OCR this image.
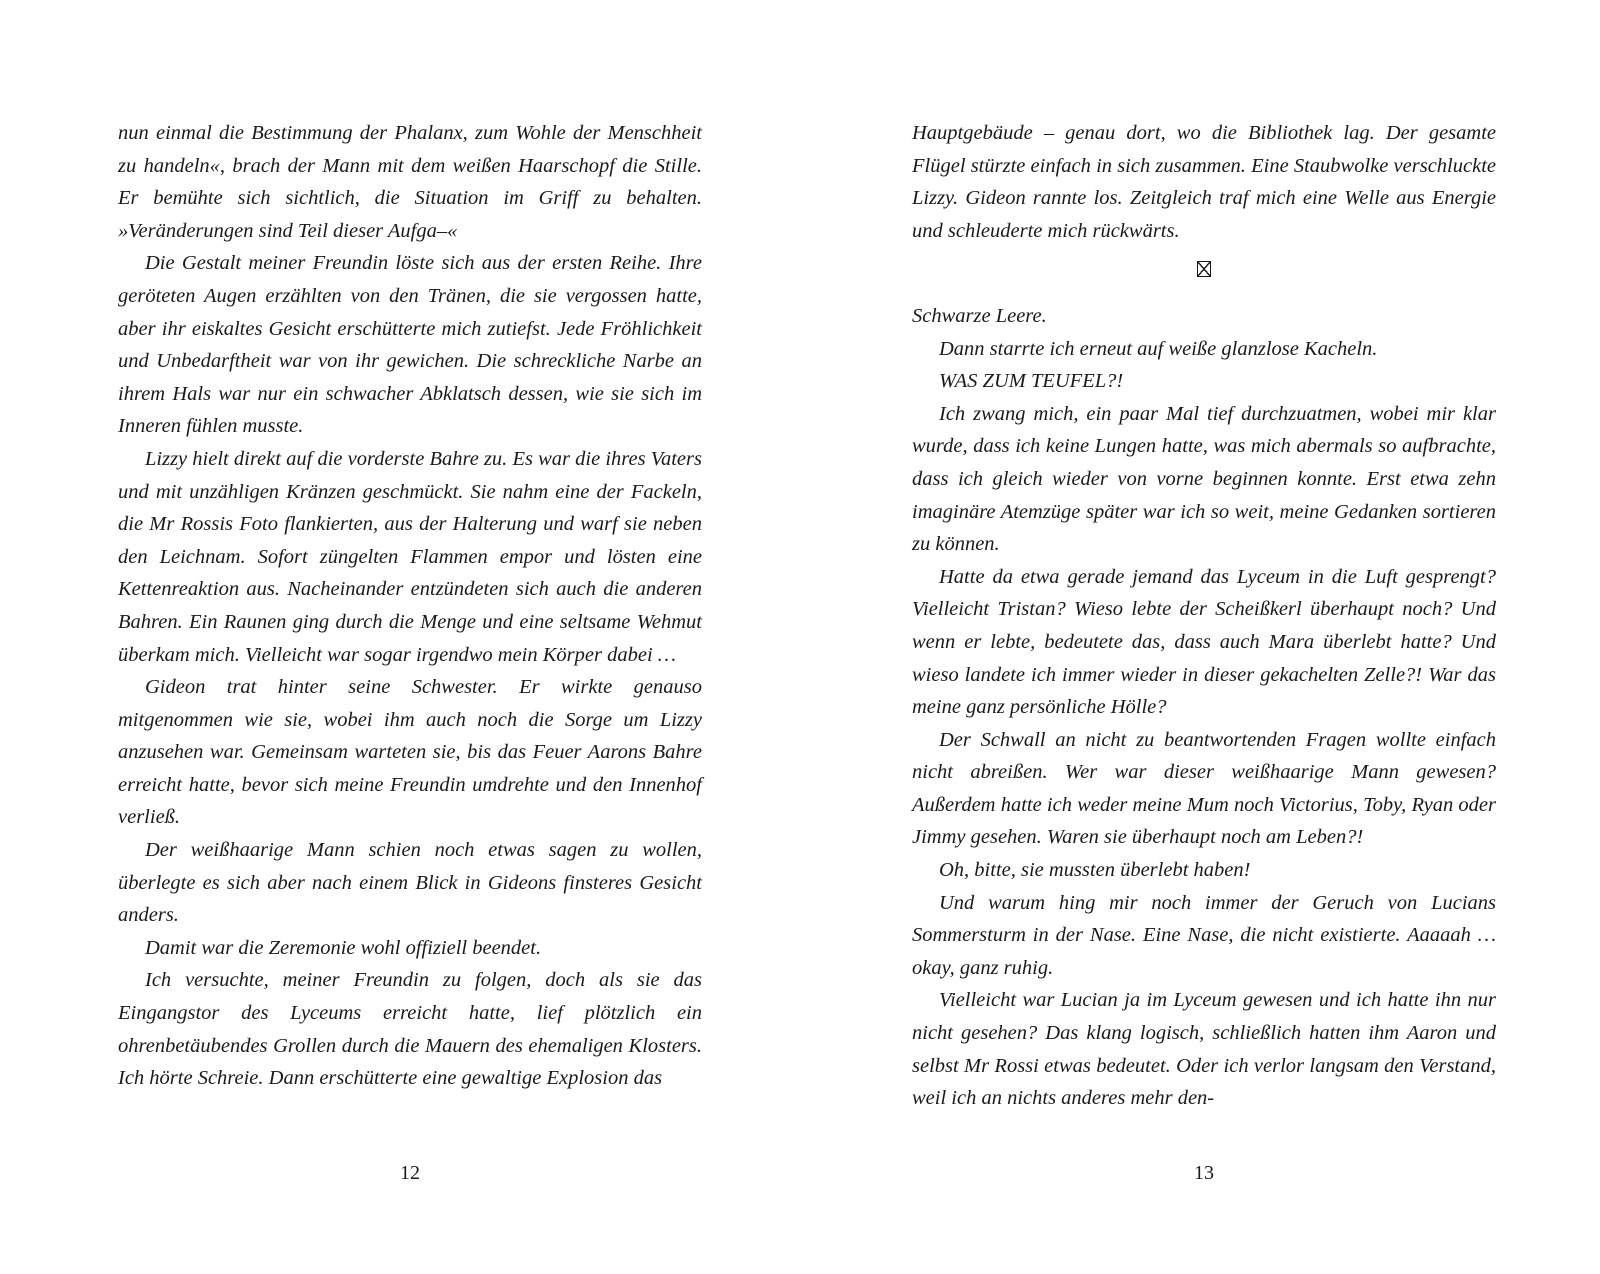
nun einmal die Bestimmung der Phalanx, zum Wohle der Menschheit zu handeln«, brach der Mann mit dem weißen Haarschopf die Stille. Er bemühte sich sichtlich, die Situation im Griff zu behalten. »Veränderungen sind Teil dieser Aufga–«

Die Gestalt meiner Freundin löste sich aus der ersten Reihe. Ihre geröteten Augen erzählten von den Tränen, die sie vergossen hatte, aber ihr eiskaltes Gesicht erschütterte mich zutiefst. Jede Fröhlichkeit und Unbedarftheit war von ihr gewichen. Die schreckliche Narbe an ihrem Hals war nur ein schwacher Abklatsch dessen, wie sie sich im Inneren fühlen musste.

Lizzy hielt direkt auf die vorderste Bahre zu. Es war die ihres Vaters und mit unzähligen Kränzen geschmückt. Sie nahm eine der Fackeln, die Mr Rossis Foto flankierten, aus der Halterung und warf sie neben den Leichnam. Sofort züngelten Flammen empor und lösten eine Kettenreaktion aus. Nacheinander entzündeten sich auch die anderen Bahren. Ein Raunen ging durch die Menge und eine seltsame Wehmut überkam mich. Vielleicht war sogar irgendwo mein Körper dabei …

Gideon trat hinter seine Schwester. Er wirkte genauso mitgenommen wie sie, wobei ihm auch noch die Sorge um Lizzy anzusehen war. Gemeinsam warteten sie, bis das Feuer Aarons Bahre erreicht hatte, bevor sich meine Freundin umdrehte und den Innenhof verließ.

Der weißhaarige Mann schien noch etwas sagen zu wollen, überlegte es sich aber nach einem Blick in Gideons finsteres Gesicht anders.

Damit war die Zeremonie wohl offiziell beendet.

Ich versuchte, meiner Freundin zu folgen, doch als sie das Eingangstor des Lyceums erreicht hatte, lief plötzlich ein ohrenbetäubendes Grollen durch die Mauern des ehemaligen Klosters. Ich hörte Schreie. Dann erschütterte eine gewaltige Explosion das

12

Hauptgebäude – genau dort, wo die Bibliothek lag. Der gesamte Flügel stürzte einfach in sich zusammen. Eine Staubwolke verschluckte Lizzy. Gideon rannte los. Zeitgleich traf mich eine Welle aus Energie und schleuderte mich rückwärts.

Schwarze Leere.

Dann starrte ich erneut auf weiße glanzlose Kacheln.

WAS ZUM TEUFEL?!

Ich zwang mich, ein paar Mal tief durchzuatmen, wobei mir klar wurde, dass ich keine Lungen hatte, was mich abermals so aufbrachte, dass ich gleich wieder von vorne beginnen konnte. Erst etwa zehn imaginäre Atemzüge später war ich so weit, meine Gedanken sortieren zu können.

Hatte da etwa gerade jemand das Lyceum in die Luft gesprengt? Vielleicht Tristan? Wieso lebte der Scheißkerl überhaupt noch? Und wenn er lebte, bedeutete das, dass auch Mara überlebt hatte? Und wieso landete ich immer wieder in dieser gekachelten Zelle?! War das meine ganz persönliche Hölle?

Der Schwall an nicht zu beantwortenden Fragen wollte einfach nicht abreißen. Wer war dieser weißhaarige Mann gewesen? Außerdem hatte ich weder meine Mum noch Victorius, Toby, Ryan oder Jimmy gesehen. Waren sie überhaupt noch am Leben?!

Oh, bitte, sie mussten überlebt haben!

Und warum hing mir noch immer der Geruch von Lucians Sommersturm in der Nase. Eine Nase, die nicht existierte. Aaaaah … okay, ganz ruhig.

Vielleicht war Lucian ja im Lyceum gewesen und ich hatte ihn nur nicht gesehen? Das klang logisch, schließlich hatten ihm Aaron und selbst Mr Rossi etwas bedeutet. Oder ich verlor langsam den Verstand, weil ich an nichts anderes mehr den-

13
